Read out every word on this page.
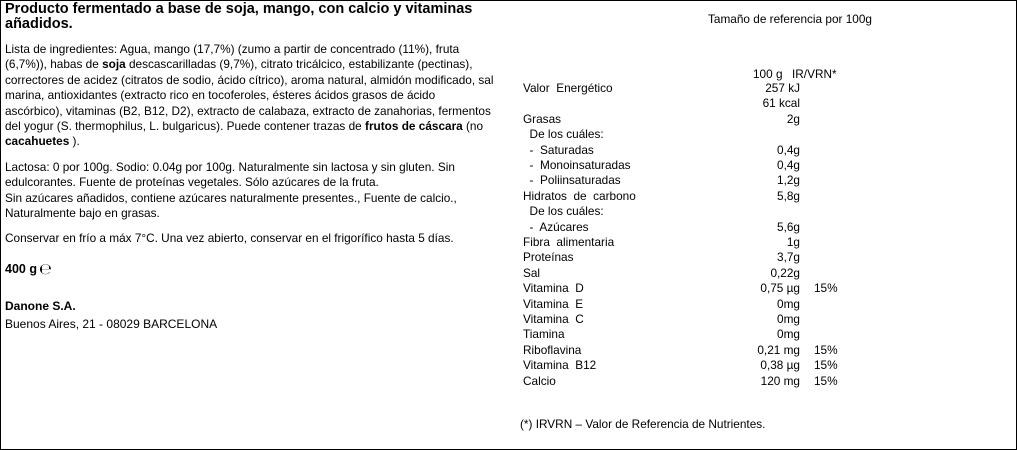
Producto fermentado a base de soja, mango, con calcio y vitaminas añadidos.
Lista de ingredientes: Agua, mango (17,7%) (zumo a partir de concentrado (11%), fruta (6,7%)), habas de soja descascarilladas (9,7%), citrato tricálcico, estabilizante (pectinas), correctores de acidez (citratos de sodio, ácido cítrico), aroma natural, almidón modificado, sal marina, antioxidantes (extracto rico en tocoferoles, ésteres ácidos grasos de ácido ascórbico), vitaminas (B2, B12, D2), extracto de calabaza, extracto de zanahorias, fermentos del yogur (S. thermophilus, L. bulgaricus). Puede contener trazas de frutos de cáscara (no cacahuetes ).
Lactosa: 0 por 100g. Sodio: 0.04g por 100g. Naturalmente sin lactosa y sin gluten. Sin edulcorantes. Fuente de proteínas vegetales. Sólo azúcares de la fruta.
Sin azúcares añadidos, contiene azúcares naturalmente presentes., Fuente de calcio., Naturalmente bajo en grasas.
Conservar en frío a máx 7°C. Una vez abierto, conservar en el frigorífico hasta 5 días.
400 g ℮
Danone S.A.
Buenos Aires, 21 - 08029 BARCELONA
Tamaño de referencia por 100g
100 g IR/VRN*
Valor  Energético	257 kJ
61 kcal
Grasas	2g
De los cuáles:
-  Saturadas	0,4g
-  Monoinsaturadas	0,4g
-  Poliinsaturadas	1,2g
Hidratos  de  carbono	5,8g
De los cuáles:
-  Azúcares	5,6g
Fibra  alimentaria	1g
Proteínas	3,7g
Sal	0,22g
Vitamina  D	0,75 µg 15%
Vitamina  E	0mg
Vitamina  C	0mg
Tiamina	0mg
Riboflavina	0,21 mg 15%
Vitamina  B12	0,38 µg 15%
Calcio	120 mg 15%
(*) IRVRN – Valor de Referencia de Nutrientes.
